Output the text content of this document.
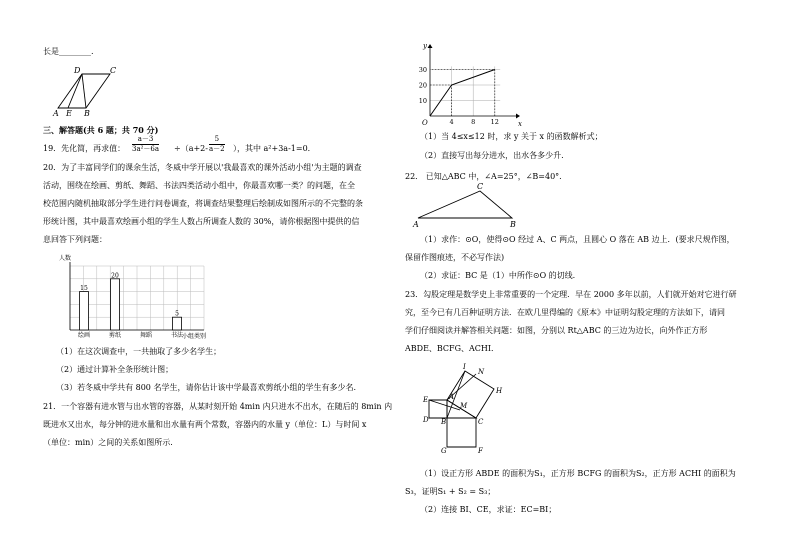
长是________.
D	C
A E B
三、解答题(共 6 题；共 70 分)
19．先化简，再求值： $\frac{a-3}{\text{3a²－6a}} \div(a+2- \frac{5}{a-2}$ ），其中 a²+3a-1=0．
20．为了丰富同学们的课余生活，冬威中学开展以'我最喜欢的课外活动小组'为主题的调查
活动，围绕在绘画、剪纸、舞蹈、书法四类活动小组中，你最喜欢哪一类？的问题，在全
校范围内随机抽取部分学生进行问卷调查，将调查结果整理后绘制成如图所示的不完整的条
形统计图，其中最喜欢绘画小组的学生人数占所调查人数的 30%，请你根据图中提供的信
息回答下列问题：
人数
小组类别
15
绘画
20
剪纸	舞蹈
5
书法
（1）在这次调查中，一共抽取了多少名学生；
（2）通过计算补全条形统计图；
（3）若冬威中学共有 800 名学生，请你估计该中学最喜欢剪纸小组的学生有多少名.
21．一个容器有进水管与出水管的容器，从某时刻开始 4min 内只进水不出水，在随后的 8min 内
既进水又出水，每分钟的进水量和出水量有两个常数，容器内的水量 y（单位：L）与时间 x
（单位：min）之间的关系如图所示.
y
x
O
10
20
30
4	8 12
（1）当 4≤x≤12 时，求 y 关于 x 的函数解析式；
（2）直接写出每分进水，出水各多少升.
22． 已知△ABC 中，∠A=25°，∠B=40°.
A	B
C
（1）求作：⊙O，使得⊙O 经过 A、C 两点，且圆心 O 落在 AB 边上．(要求尺规作图，
保留作图痕迹，不必写作法)
（2）求证：BC 是（1）中所作⊙O 的切线.
23．勾股定理是数学史上非常重要的一个定理．早在 2000 多年以前，人们就开始对它进行研
究，至今已有几百种证明方法．在欧几里得编的《原本》中证明勾股定理的方法如下，请同
学们仔细阅读并解答相关问题：如图，分别以 Rt△ABC 的三边为边长，向外作正方形
ABDE、BCFG、ACHI．
I
N
H
E	A
M
D B	C
G	F
（1）设正方形 ABDE 的面积为S₁，正方形 BCFG 的面积为S₂，正方形 ACHI 的面积为
S₃，证明S₁ + S₂ = S₃；
（2）连接 BI、CE，求证：EC=BI；
